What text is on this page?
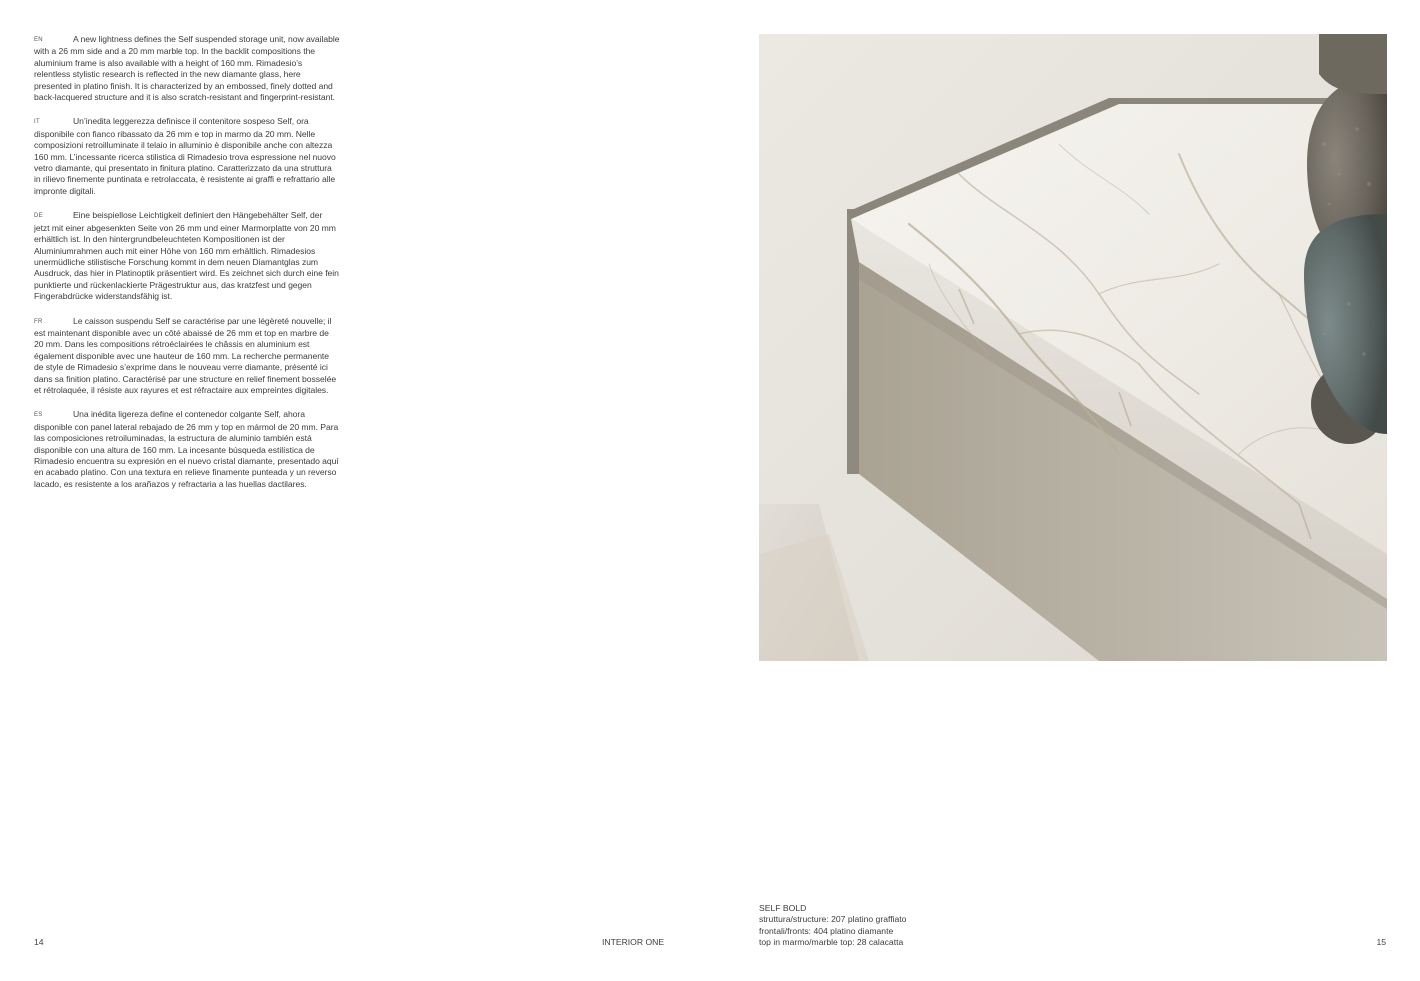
EN	A new lightness defines the Self suspended storage unit, now available with a 26 mm side and a 20 mm marble top. In the backlit compositions the aluminium frame is also available with a height of 160 mm. Rimadesio’s relentless stylistic research is reflected in the new diamante glass, here presented in platino finish. It is characterized by an embossed, finely dotted and back-lacquered structure and it is also scratch-resistant and fingerprint-resistant.

IT	Un’inedita leggerezza definisce il contenitore sospeso Self, ora disponibile con fianco ribassato da 26 mm e top in marmo da 20 mm. Nelle composizioni retroilluminate il telaio in alluminio è disponibile anche con altezza 160 mm. L’incessante ricerca stilistica di Rimadesio trova espressione nel nuovo vetro diamante, qui presentato in finitura platino. Caratterizzato da una struttura in rilievo finemente puntinata e retrolaccata, è resistente ai graffi e refrattario alle impronte digitali.

DE	Eine beispiellose Leichtigkeit definiert den Hängebehälter Self, der jetzt mit einer abgesenkten Seite von 26 mm und einer Marmorplatte von 20 mm erhältlich ist. In den hintergrundbeleuchteten Kompositionen ist der Aluminiumrahmen auch mit einer Höhe von 160 mm erhältlich. Rimadesios unermüdliche stilistische Forschung kommt in dem neuen Diamantglas zum Ausdruck, das hier in Platinoptik präsentiert wird. Es zeichnet sich durch eine fein punktierte und rückenlackierte Prägestruktur aus, das kratzfest und gegen Fingerabdrücke widerstandsfähig ist.

FR	Le caisson suspendu Self se caractérise par une légèreté nouvelle; il est maintenant disponible avec un côté abaissé de 26 mm et top en marbre de 20 mm. Dans les compositions rétroéclairées le châssis en aluminium est également disponible avec une hauteur de 160 mm. La recherche permanente de style de Rimadesio s’exprime dans le nouveau verre diamante, présenté ici dans sa finition platino. Caractérisé par une structure en relief finement bosselée et rétrolaquée, il résiste aux rayures et est réfractaire aux empreintes digitales.

ES	Una inédita ligereza define el contenedor colgante Self, ahora disponible con panel lateral rebajado de 26 mm y top en mármol de 20 mm. Para las composiciones retroiluminadas, la estructura de aluminio también está disponible con una altura de 160 mm. La incesante búsqueda estilística de Rimadesio encuentra su expresión en el nuevo cristal diamante, presentado aquí en acabado platino. Con una textura en relieve finamente punteada y un reverso lacado, es resistente a los arañazos y refractaria a las huellas dactilares.

SELF BOLD
struttura/structure: 207 platino graffiato
frontali/fronts: 404 platino diamante
top in marmo/marble top: 28 calacatta
14	INTERIOR ONE	15
